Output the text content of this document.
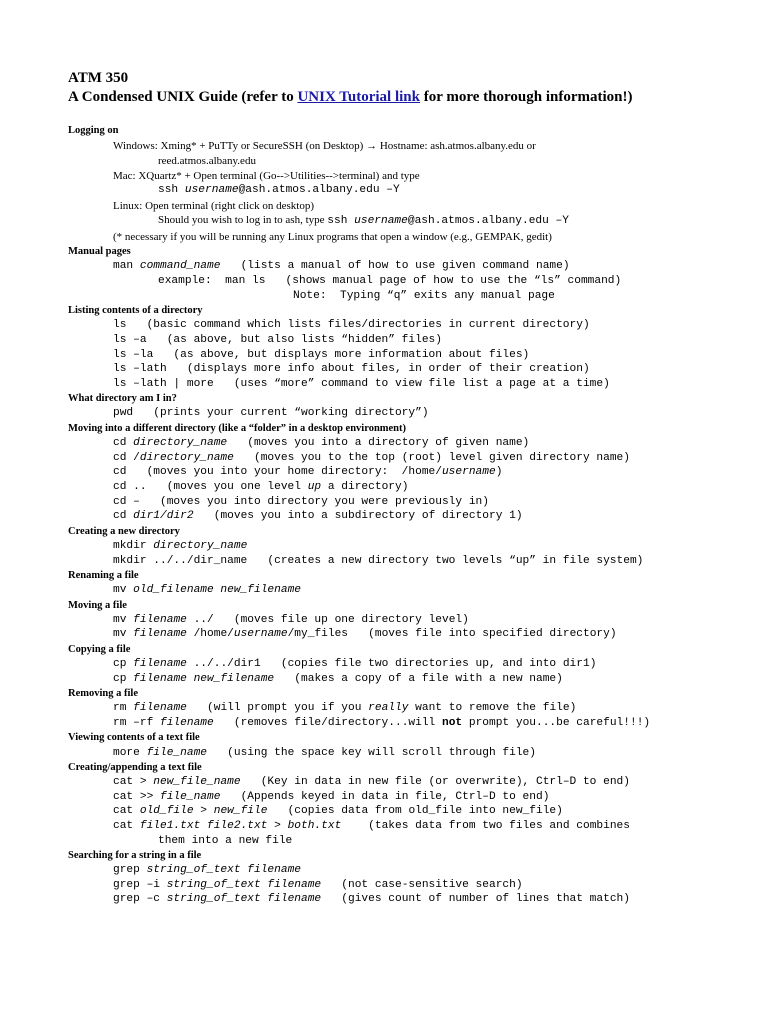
ATM 350
A Condensed UNIX Guide (refer to UNIX Tutorial link for more thorough information!)
Logging on
Windows: Xming* + PuTTy or SecureSSH (on Desktop) → Hostname: ash.atmos.albany.edu or
reed.atmos.albany.edu
Mac: XQuartz* + Open terminal (Go-->Utilities-->terminal) and type
ssh username@ash.atmos.albany.edu –Y
Linux: Open terminal (right click on desktop)
Should you wish to log in to ash, type ssh username@ash.atmos.albany.edu –Y
(* necessary if you will be running any Linux programs that open a window (e.g., GEMPAK, gedit)
Manual pages
man command_name   (lists a manual of how to use given command name)
example:  man ls   (shows manual page of how to use the “ls” command)
Note:  Typing “q” exits any manual page
Listing contents of a directory
ls   (basic command which lists files/directories in current directory)
ls –a   (as above, but also lists “hidden” files)
ls –la   (as above, but displays more information about files)
ls –lath   (displays more info about files, in order of their creation)
ls –lath | more   (uses “more” command to view file list a page at a time)
What directory am I in?
pwd   (prints your current “working directory”)
Moving into a different directory (like a “folder” in a desktop environment)
cd directory_name   (moves you into a directory of given name)
cd /directory_name   (moves you to the top (root) level given directory name)
cd   (moves you into your home directory:  /home/username)
cd ..   (moves you one level up a directory)
cd –   (moves you into directory you were previously in)
cd dir1/dir2   (moves you into a subdirectory of directory 1)
Creating a new directory
mkdir directory_name
mkdir ../../dir_name   (creates a new directory two levels “up” in file system)
Renaming a file
mv old_filename new_filename
Moving a file
mv filename ../   (moves file up one directory level)
mv filename /home/username/my_files   (moves file into specified directory)
Copying a file
cp filename ../../dir1   (copies file two directories up, and into dir1)
cp filename new_filename   (makes a copy of a file with a new name)
Removing a file
rm filename   (will prompt you if you really want to remove the file)
rm –rf filename   (removes file/directory...will not prompt you...be careful!!!)
Viewing contents of a text file
more file_name   (using the space key will scroll through file)
Creating/appending a text file
cat > new_file_name   (Key in data in new file (or overwrite), Ctrl–D to end)
cat >> file_name   (Appends keyed in data in file, Ctrl–D to end)
cat old_file > new_file   (copies data from old_file into new_file)
cat file1.txt file2.txt > both.txt    (takes data from two files and combines
them into a new file
Searching for a string in a file
grep string_of_text filename
grep –i string_of_text filename   (not case-sensitive search)
grep –c string_of_text filename   (gives count of number of lines that match)
